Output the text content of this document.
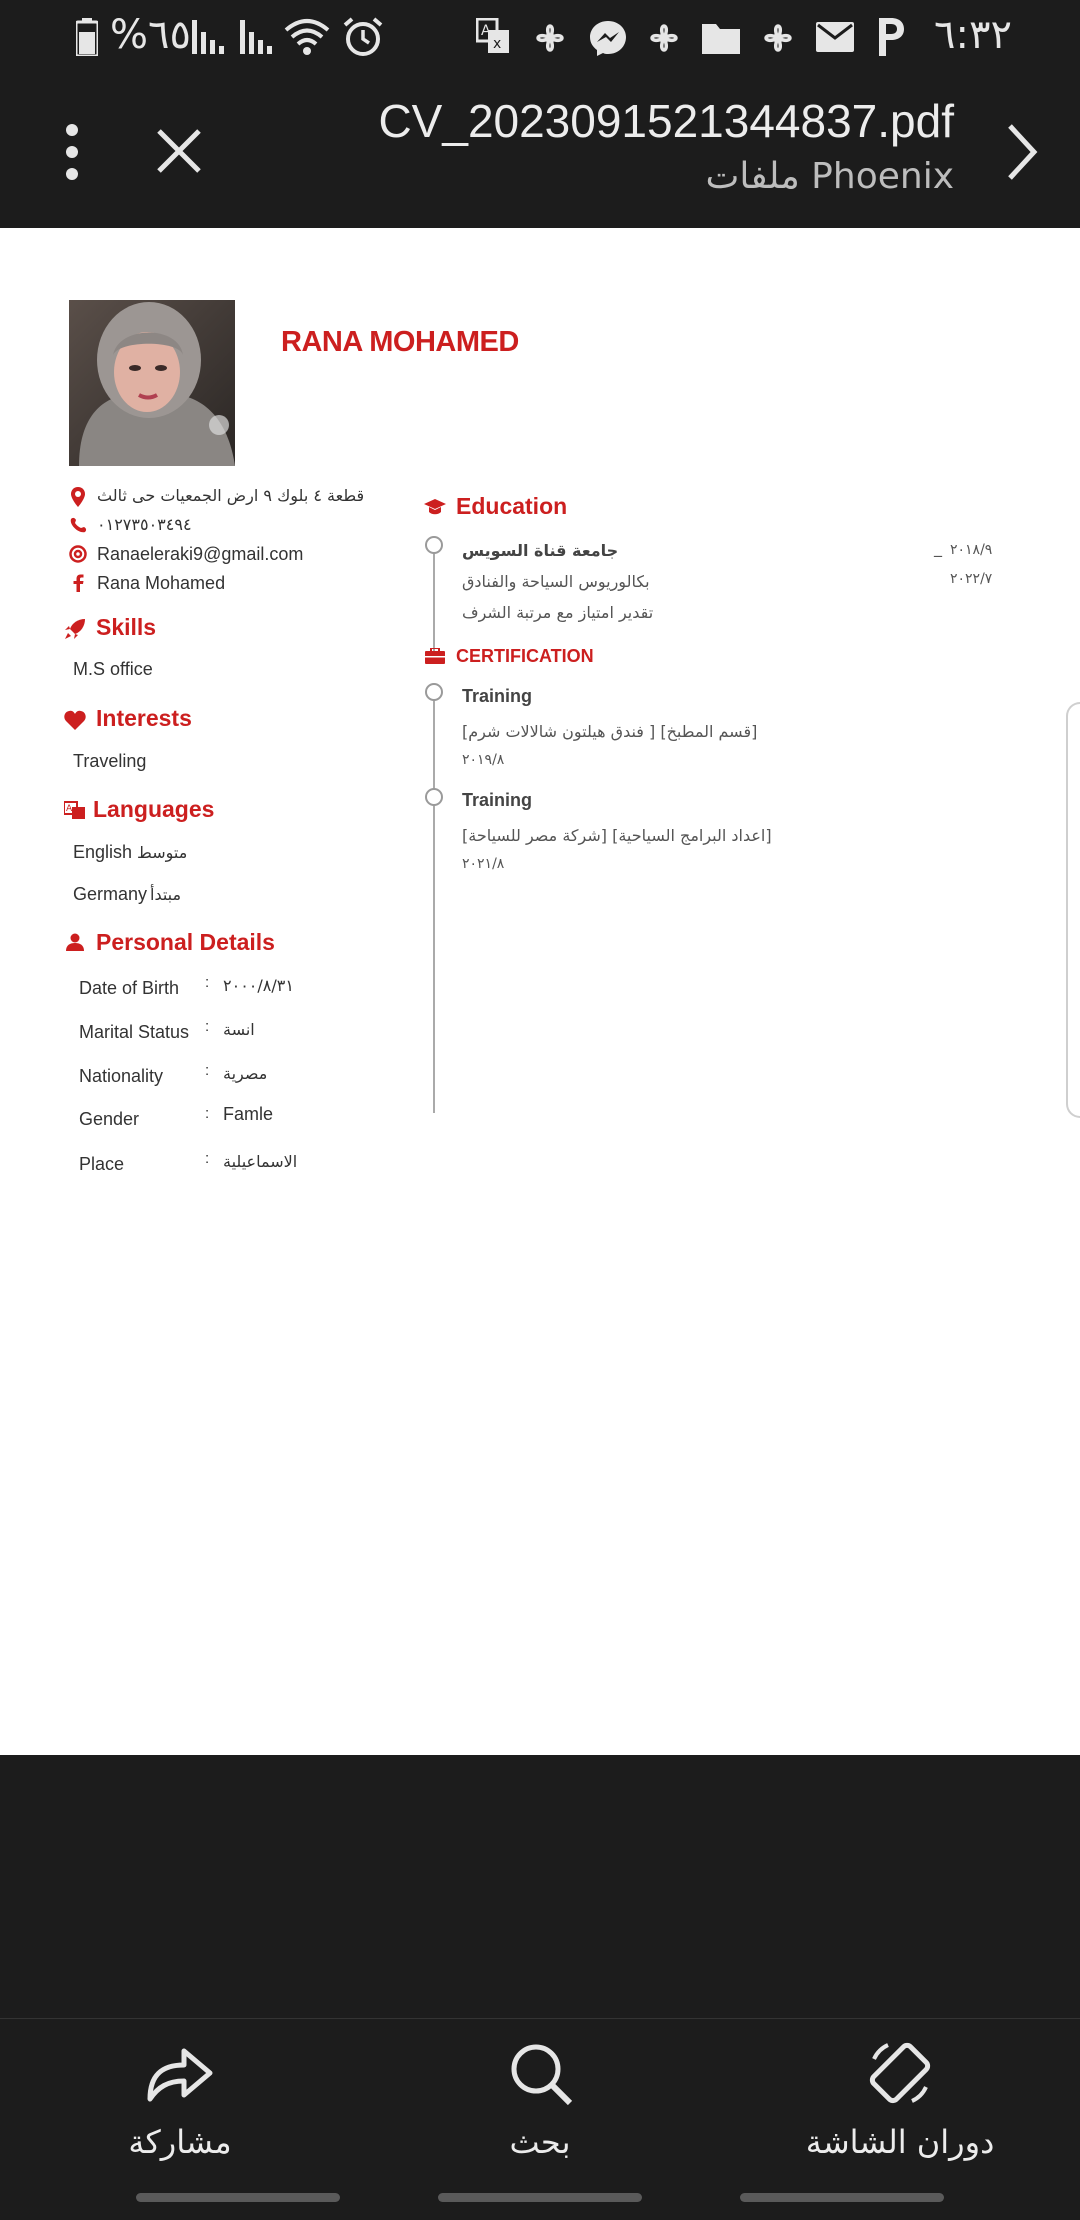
%٦٥	A
x	٦:٣٢
CV_2023091521344837.pdf
ملفات Phoenix
RANA MOHAMED
قطعة ٤ بلوك ٩ ارض الجمعيات حى ثالث
٠١٢٧٣٥٠٣٤٩٤
Ranaeleraki9@gmail.com
Rana Mohamed
Skills
M.S office
Interests
Traveling
A Languages
English متوسط
Germany مبتدأ
Personal Details
Date of Birth : ٢٠٠٠/٨/٣١
Marital Status : انسة
Nationality	: مصرية
Gender	: Famle
Place	: الاسماعيلية
Education
جامعة قناة السويس
بكالوريوس السياحة والفنادق
تقدير امتياز مع مرتبة الشرف
_ ٢٠١٨/٩
٢٠٢٢/٧
CERTIFICATION
Training
[فندق هيلتون شالالات شرم ] [قسم المطبخ]
٢٠١٩/٨
Training
[شركة مصر للسياحة] [اعداد البرامج السياحية]
٢٠٢١/٨
مشاركة	بحث	دوران الشاشة
